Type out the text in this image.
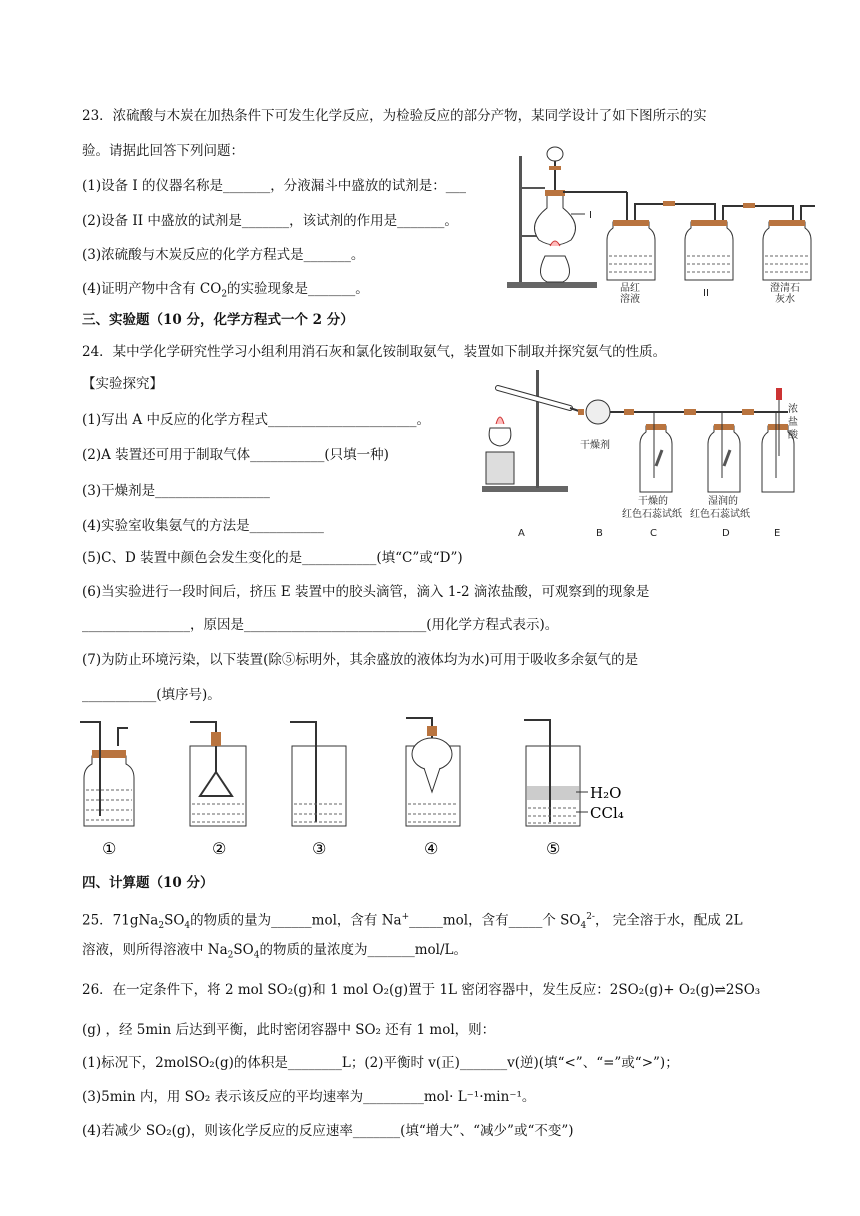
23．浓硫酸与木炭在加热条件下可发生化学反应，为检验反应的部分产物，某同学设计了如下图所示的实
验。请据此回答下列问题：
(1)设备 I 的仪器名称是_______，分液漏斗中盛放的试剂是：___
(2)设备 II 中盛放的试剂是_______，该试剂的作用是_______。
(3)浓硫酸与木炭反应的化学方程式是_______。
(4)证明产物中含有 $CO_2$的实验现象是_______。
I
品红
溶液
II	澄清石
灰水
三、实验题（10 分，化学方程式一个 2 分）
24．某中学化学研究性学习小组利用消石灰和氯化铵制取氨气，装置如下制取并探究氨气的性质。
【实验探究】
(1)写出 A 中反应的化学方程式______________________。
(2)A 装置还可用于制取气体___________(只填一种)
(3)干燥剂是_________________
(4)实验室收集氨气的方法是___________
(5)C、D 装置中颜色会发生变化的是___________(填“C”或“D”)
(6)当实验进行一段时间后，挤压 E 装置中的胶头滴管，滴入 1-2 滴浓盐酸，可观察到的现象是
________________，原因是___________________________(用化学方程式表示)。
(7)为防止环境污染，以下装置(除⑤标明外，其余盛放的液体均为水)可用于吸收多余氨气的是
___________(填序号)。
干燥剂
浓
盐
酸
干燥的
红色石蕊试纸
湿润的
红色石蕊试纸
A	B	C	D	E
H₂O
CCl₄
①	②	③	④	⑤
四、计算题（10 分）
25．$71gNa_2SO_4$的物质的量为______mol，含有 Na+_____mol，含有_____个 $SO_4^{2-}$， 完全溶于水，配成 2L
溶液，则所得溶液中 $Na_2SO_4$的物质的量浓度为_______mol/L。
26．在一定条件下，将 2 mol SO₂(g)和 1 mol O₂(g)置于 1L 密闭容器中，发生反应：2SO₂(g)+ O₂(g)⇌2SO₃
(g) ，经 5min 后达到平衡，此时密闭容器中 SO₂ 还有 1 mol，则：
(1)标况下，2molSO₂(g)的体积是________L；(2)平衡时 v(正)_______v(逆)(填“<”、“=”或“>”)；
(3)5min 内，用 SO₂ 表示该反应的平均速率为_________mol· L⁻¹·min⁻¹。
(4)若减少 SO₂(g)，则该化学反应的反应速率_______(填“增大”、“减少”或“不变”)
